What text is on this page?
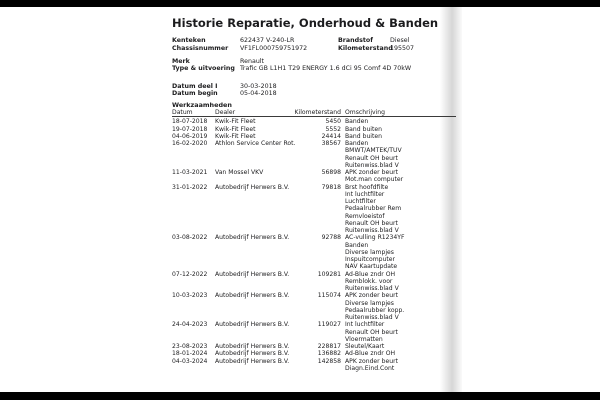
Historie Reparatie, Onderhoud & Banden
Kenteken	622437 V-240-LR	Brandstof	Diesel
Chassisnummer VF1FL000759751972	Kilometerstand
195507
Merk	Renault
Type & uitvoering Trafic GB L1H1 T29 ENERGY 1.6 dCi 95 Comf 4D 70kW
Datum deel I	30-03-2018
Datum begin	05-04-2018
Werkzaamheden
Datum	Dealer	Kilometerstand Omschrijving
18-07-2018	Kwik-Fit Fleet	5450 Banden
19-07-2018	Kwik-Fit Fleet	5552 Band buiten
04-06-2019	Kwik-Fit Fleet	24414 Band buiten
16-02-2020	Athlon Service Center Rot.	38567 Banden
BMWT/AMTEK/TUV
Renault OH beurt
Ruitenwiss.blad V
11-03-2021	Van Mossel VKV	56898 APK zonder beurt
Mot.man computer
31-01-2022	Autobedrijf Herwers B.V.	79818 Brst hoofdfilte
Int luchtfilter
Luchtfilter
Pedaalrubber Rem
Remvloeistof
Renault OH beurt
Ruitenwiss.blad V
03-08-2022	Autobedrijf Herwers B.V.	92788 AC-vulling R1234YF
Banden
Diverse lampjes
Inspuitcomputer
NAV Kaartupdate
07-12-2022	Autobedrijf Herwers B.V.	109281 Ad-Blue zndr OH
Remblokk. voor
Ruitenwiss.blad V
10-03-2023	Autobedrijf Herwers B.V.	115074 APK zonder beurt
Diverse lampjes
Pedaalrubber kopp.
Ruitenwiss.blad V
24-04-2023	Autobedrijf Herwers B.V.	119027 Int luchtfilter
Renault OH beurt
Vloermatten
23-08-2023	Autobedrijf Herwers B.V.	228817 Sleutel/Kaart
18-01-2024	Autobedrijf Herwers B.V.	136882 Ad-Blue zndr OH
04-03-2024	Autobedrijf Herwers B.V.	142858 APK zonder beurt
Diagn.Eind.Cont
